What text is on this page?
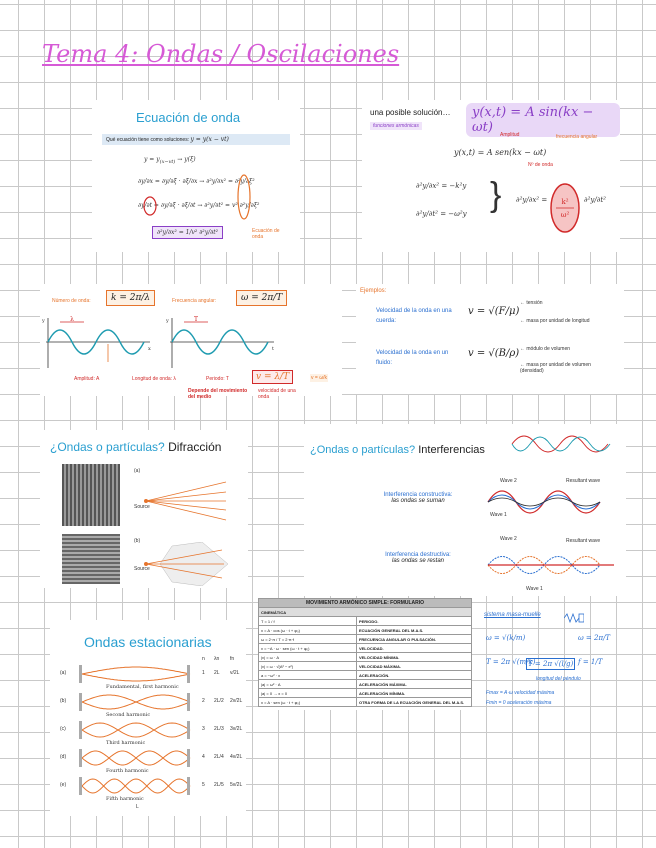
Tema 4: Ondas / Oscilaciones
Ecuación de onda
Qué ecuación tiene como soluciones: y = y(x − vt)
$y = y_{(x-vt)} \to y(\xi)$
∂y/∂x = ∂y/∂ξ · ∂ξ/∂x → ∂²y/∂x² = ∂²y/∂ξ²
∂y/∂t = ∂y/∂ξ · ∂ξ/∂t → ∂²y/∂t² = v² ∂²y/∂ξ²
∂²y/∂x² = 1/v² ∂²y/∂t²	Ecuación de onda
una posible solución…	y(x,t) = A sin(kx − ωt)
funciones armónicas
Amplitud	frecuencia angular
y(x,t) = A sen(kx − ωt)
Nº de onda
∂²y/∂x² = −k²y
∂²y/∂t² = −ω²y } ∂²y/∂x² = k²
ω²
∂²y/∂t²
Número de onda:	k = 2π/λ	Frecuencia angular:	ω = 2π/T
λ
x
y	T
t
y
Amplitud: A	Longitud de onda: λ	Periodo: T	v = λ/T	v = ω/k
Depende del movimiento del medio
velocidad de una onda
Ejemplos:
Velocidad de la onda en una cuerda:
v = √(F/μ)
← tensión
← masa por unidad de longitud
Velocidad de la onda en un fluido:
v = √(B/ρ) ← módulo de volumen
← masa por unidad de volumen (densidad)
¿Ondas o partículas? Difracción
(a)
(b)
Source
Source
¿Ondas o partículas? Interferencias
Interferencia constructiva:
las ondas se suman
Wave 2	Resultant wave
Wave 1
Interferencia destructiva:
las ondas se restan
Wave 2	Resultant wave
Wave 1
Ondas estacionarias
n λn fn
(a)
Fundamental, first harmonic
1 2L v/2L
(b)
Second harmonic
2 2L/2 2v/2L
(c)
Third harmonic
3 2L/3 3v/2L
(d)
Fourth harmonic
4 2L/4 4v/2L
(e)
Fifth harmonic
5 2L/5 5v/2L
L
MOVIMIENTO ARMÓNICO SIMPLE: FORMULARIO	
CINEMÁTICA	
T = 1 / f	PERIODO.
x = A · cos (ω · t + φ₀)	ECUACIÓN GENERAL DEL M.A.S.
ω = 2·π / T = 2·π·f	FRECUENCIA ANGULAR O PULSACIÓN.
v = −A · ω · sen (ω · t + φ₀)	VELOCIDAD.
|v| = ω · A	VELOCIDAD MÍNIMA.
|v| = ω · √(A² − x²)	VELOCIDAD MÁXIMA.
a = −ω² · x	ACELERACIÓN.
|a| = ω² · A	ACELERACIÓN MÁXIMA.
|a| = 0 → x = 0	ACELERACIÓN MÍNIMA.
x = A · sen (ω · t + φ₀)	OTRA FORMA DE LA ECUACIÓN GENERAL DEL M.A.S.
sistema masa-muelle
ω = √(k/m)	ω = 2π/T
T = 2π √(m/k)	f = 1/T
T = 2π √(l/g)
longitud del péndulo
Fmax = A·ω velocidad máxima
Fmin = 0 aceleración máxima
